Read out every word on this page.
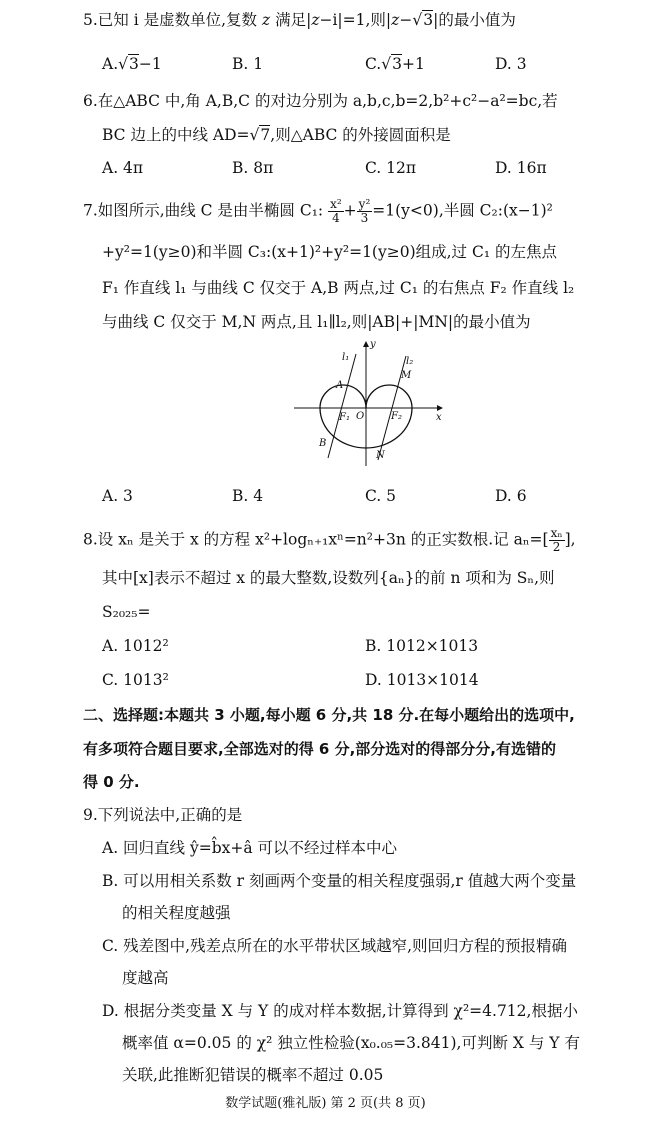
5.已知 i 是虚数单位,复数 z 满足|z−i|=1,则|z−√3|的最小值为
A.√3−1	B. 1	C.√3+1	D. 3
6.在△ABC 中,角 A,B,C 的对边分别为 a,b,c,b=2,b²+c²−a²=bc,若
BC 边上的中线 AD=√7,则△ABC 的外接圆面积是
A. 4π	B. 8π	C. 12π	D. 16π
7.如图所示,曲线 C 是由半椭圆 C₁: $\frac{\text{x²}}{4} + \frac{\text{y²}}{3} =1(y<0)$,半圆 C₂:(x−1)²
+y²=1(y≥0)和半圆 C₃:(x+1)²+y²=1(y≥0)组成,过 C₁ 的左焦点
F₁ 作直线 l₁ 与曲线 C 仅交于 A,B 两点,过 C₁ 的右焦点 F₂ 作直线 l₂
与曲线 C 仅交于 M,N 两点,且 l₁∥l₂,则|AB|+|MN|的最小值为
y
x
l₁	l₂
A
M
F₁ O	F₂
B
N
A. 3	B. 4	C. 5	D. 6
8.设 xₙ 是关于 x 的方程 x²+logₙ₊₁xⁿ=n²+3n 的正实数根.记 $a_n=[ \frac{\text{xₙ}}{2}$ ],
其中[x]表示不超过 x 的最大整数,设数列{aₙ}的前 n 项和为 Sₙ,则
S₂₀₂₅=
A. 1012²	B. 1012×1013
C. 1013²	D. 1013×1014
二、选择题:本题共 3 小题,每小题 6 分,共 18 分.在每小题给出的选项中,
有多项符合题目要求,全部选对的得 6 分,部分选对的得部分分,有选错的
得 0 分.
9.下列说法中,正确的是
A. 回归直线 ŷ=b̂x+â 可以不经过样本中心
B. 可以用相关系数 r 刻画两个变量的相关程度强弱,r 值越大两个变量
的相关程度越强
C. 残差图中,残差点所在的水平带状区域越窄,则回归方程的预报精确
度越高
D. 根据分类变量 X 与 Y 的成对样本数据,计算得到 χ²=4.712,根据小
概率值 α=0.05 的 χ² 独立性检验(x₀.₀₅=3.841),可判断 X 与 Y 有
关联,此推断犯错误的概率不超过 0.05
数学试题(雅礼版) 第 2 页(共 8 页)
